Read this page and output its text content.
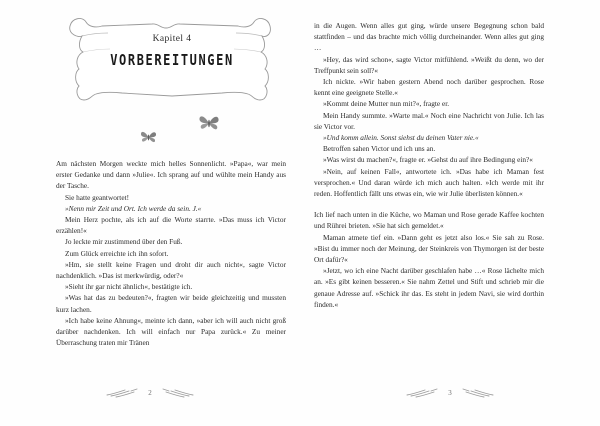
Kapitel 4

VORBEREITUNGEN

Am nächsten Morgen weckte mich helles Sonnenlicht. »Papa«, war mein erster Gedanke und dann »Julie«. Ich sprang auf und wühlte mein Handy aus der Tasche.

Sie hatte geantwortet!

»Nenn mir Zeit und Ort. Ich werde da sein. J.«

Mein Herz pochte, als ich auf die Worte starrte. »Das muss ich Victor erzählen!«

Jo leckte mir zustimmend über den Fuß.

Zum Glück erreichte ich ihn sofort.

»Hm, sie stellt keine Fragen und droht dir auch nicht«, sagte Victor nachdenklich. »Das ist merkwürdig, oder?«

»Sieht ihr gar nicht ähnlich«, bestätigte ich.

»Was hat das zu bedeuten?«, fragten wir beide gleichzeitig und mussten kurz lachen.

»Ich habe keine Ahnung«, meinte ich dann, »aber ich will auch nicht groß darüber nachdenken. Ich will einfach nur Papa zurück.« Zu meiner Überraschung traten mir Tränen

2

in die Augen. Wenn alles gut ging, würde unsere Begegnung schon bald stattfinden – und das brachte mich völlig durcheinander. Wenn alles gut ging …

»Hey, das wird schon«, sagte Victor mitfühlend. »Weißt du denn, wo der Treffpunkt sein soll?«

Ich nickte. »Wir haben gestern Abend noch darüber gesprochen. Rose kennt eine geeignete Stelle.«

»Kommt deine Mutter nun mit?«, fragte er.

Mein Handy summte. »Warte mal.« Noch eine Nachricht von Julie. Ich las sie Victor vor.

»Und komm allein. Sonst siehst du deinen Vater nie.«

Betroffen sahen Victor und ich uns an.

»Was wirst du machen?«, fragte er. »Gehst du auf ihre Bedingung ein?«

»Nein, auf keinen Fall«, antwortete ich. »Das habe ich Maman fest versprochen.« Und daran würde ich mich auch halten. »Ich werde mit ihr reden. Hoffentlich fällt uns etwas ein, wie wir Julie überlisten können.«

Ich lief nach unten in die Küche, wo Maman und Rose gerade Kaffee kochten und Rührei brieten. »Sie hat sich gemeldet.«

Maman atmete tief ein. »Dann geht es jetzt also los.« Sie sah zu Rose. »Bist du immer noch der Meinung, der Steinkreis von Thymorgen ist der beste Ort dafür?«

»Jetzt, wo ich eine Nacht darüber geschlafen habe …« Rose lächelte mich an. »Es gibt keinen besseren.« Sie nahm Zettel und Stift und schrieb mir die genaue Adresse auf. »Schick ihr das. Es steht in jedem Navi, sie wird dorthin finden.«

3
